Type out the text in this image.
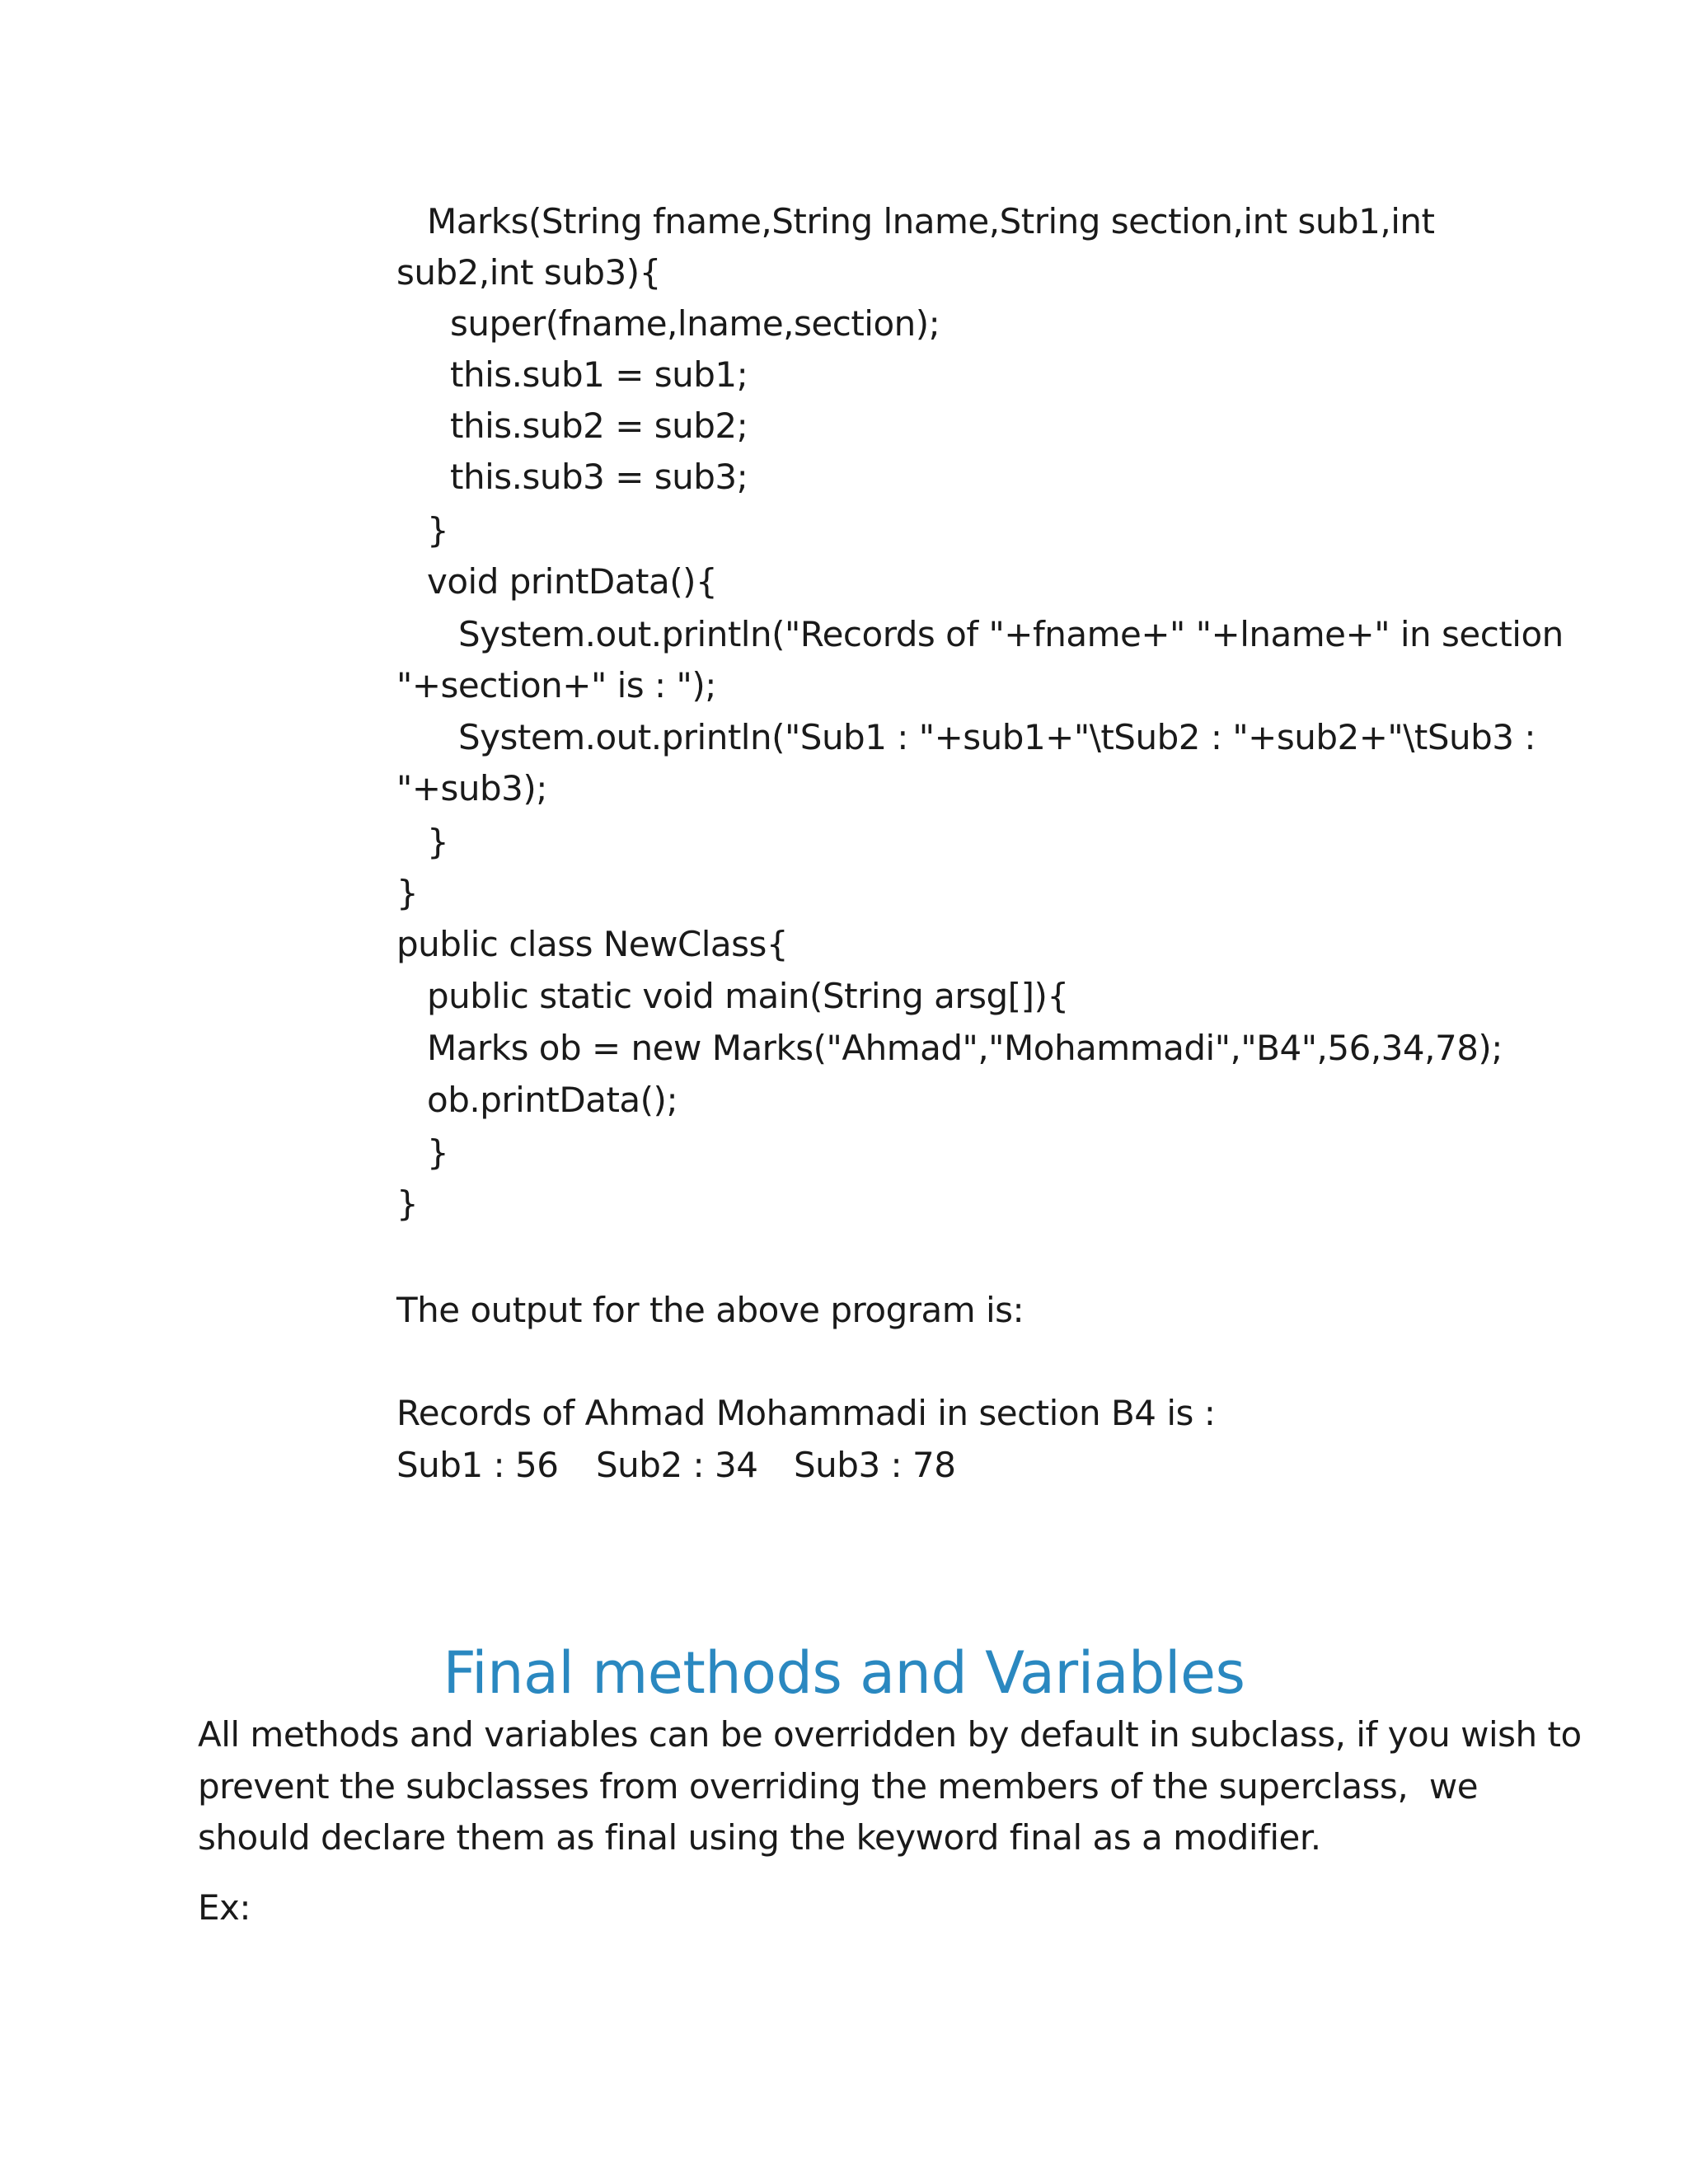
Marks(String fname,String lname,String section,int sub1,int
sub2,int sub3){
super(fname,lname,section);
this.sub1 = sub1;
this.sub2 = sub2;
this.sub3 = sub3;
}
void printData(){
System.out.println("Records of "+fname+" "+lname+" in section
"+section+" is : ");
System.out.println("Sub1 : "+sub1+"\tSub2 : "+sub2+"\tSub3 :
"+sub3);
}
}
public class NewClass{
public static void main(String arsg[]){
Marks ob = new Marks("Ahmad","Mohammadi","B4",56,34,78);
ob.printData();
}
}
The output for the above program is:
Records of Ahmad Mohammadi in section B4 is :
Sub1 : 56 Sub2 : 34 Sub3 : 78
Final methods and Variables
All methods and variables can be overridden by default in subclass, if you wish to
prevent the subclasses from overriding the members of the superclass,  we
should declare them as final using the keyword final as a modifier.
Ex:
